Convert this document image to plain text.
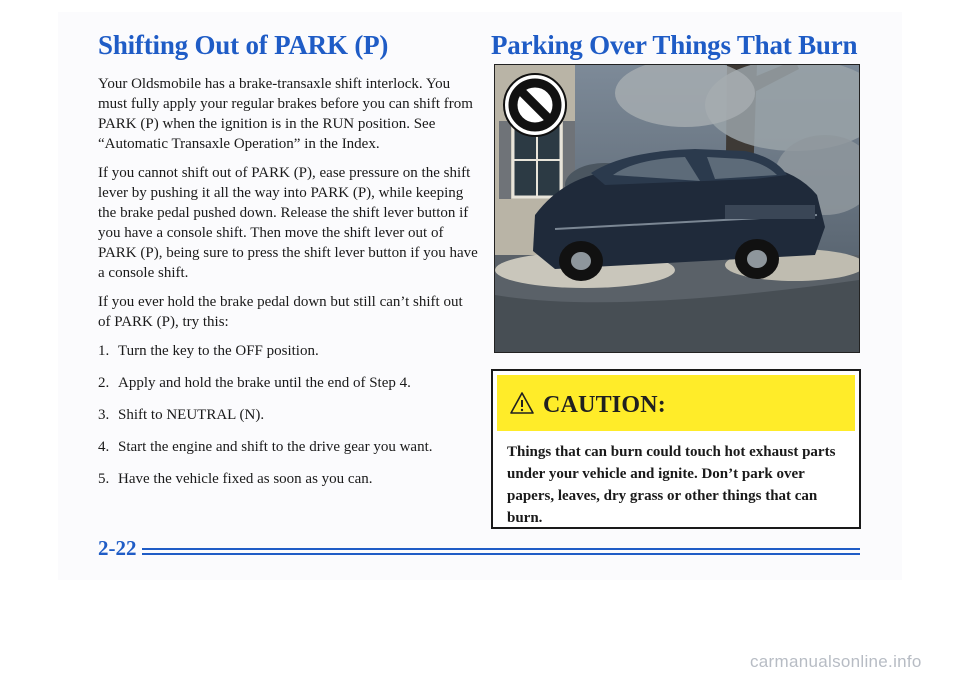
Shifting Out of PARK (P)

Your Oldsmobile has a brake-transaxle shift interlock. You must fully apply your regular brakes before you can shift from PARK (P) when the ignition is in the RUN position. See “Automatic Transaxle Operation” in the Index.

If you cannot shift out of PARK (P), ease pressure on the shift lever by pushing it all the way into PARK (P), while keeping the brake pedal pushed down. Release the shift lever button if you have a console shift. Then move the shift lever out of PARK (P), being sure to press the shift lever button if you have a console shift.

If you ever hold the brake pedal down but still can’t shift out of PARK (P), try this:

1. Turn the key to the OFF position.
2. Apply and hold the brake until the end of Step 4.
3. Shift to NEUTRAL (N).
4. Start the engine and shift to the drive gear you want.
5. Have the vehicle fixed as soon as you can.
Parking Over Things That Burn
CAUTION:
Things that can burn could touch hot exhaust parts under your vehicle and ignite. Don’t park over papers, leaves, dry grass or other things that can burn.
2-22
carmanualsonline.info
